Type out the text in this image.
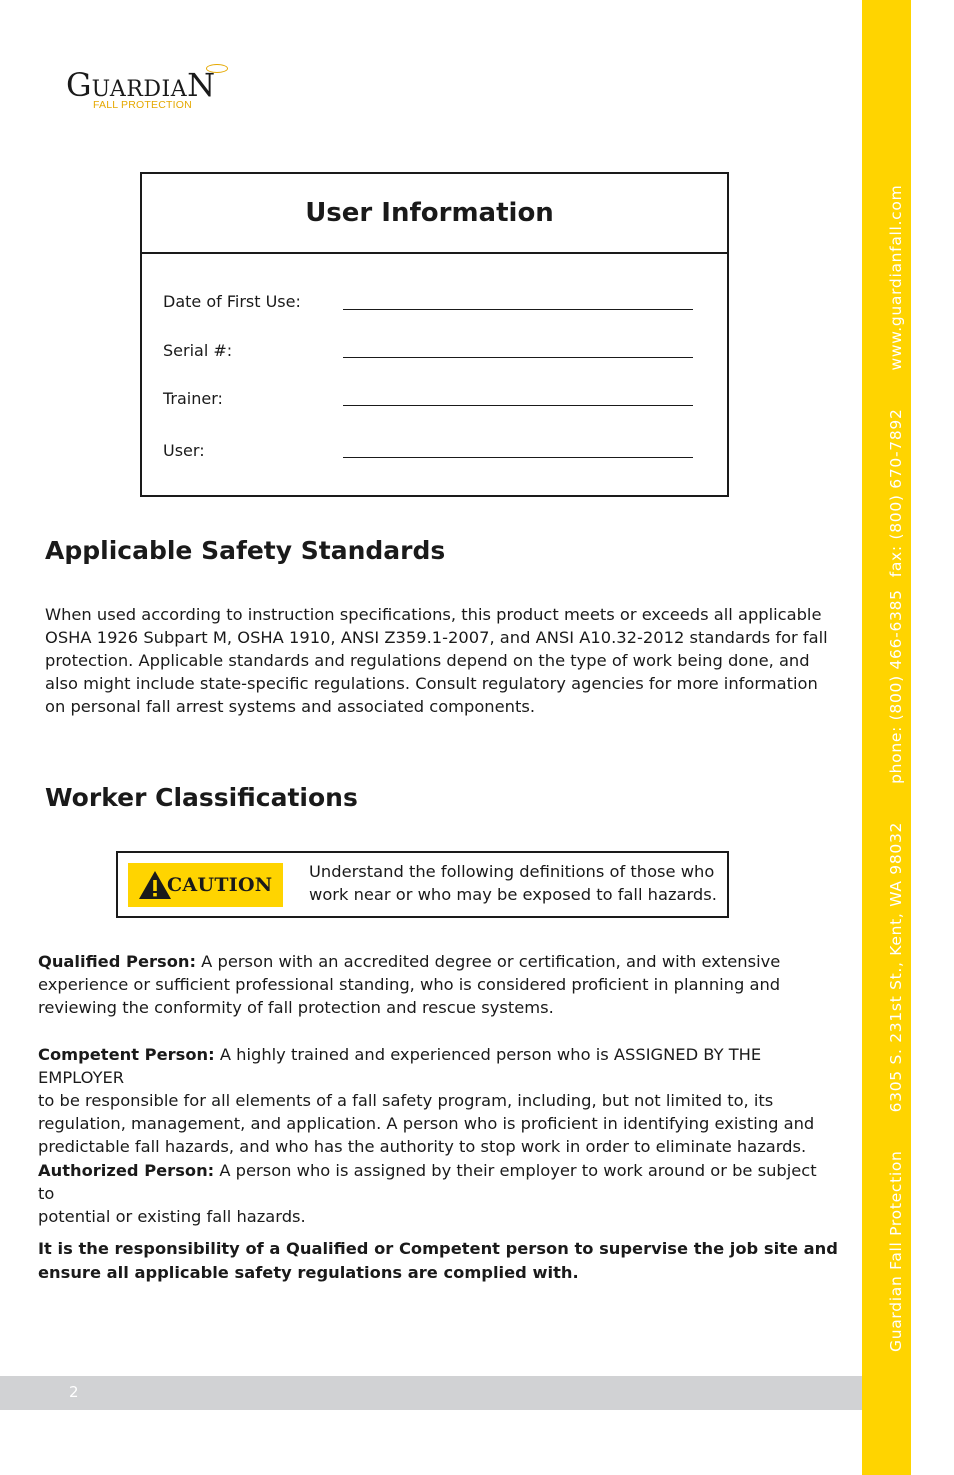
Guardian Fall Protection6305 S. 231st St., Kent, WA 98032phone: (800) 466-6385fax: (800) 670-7892www.guardianfall.com
GUARDIAN
FALL PROTECTION
User Information
Date of First Use:
Serial #:
Trainer:
User:
Applicable Safety Standards

When used according to instruction specifications, this product meets or exceeds all applicable
OSHA 1926 Subpart M, OSHA 1910, ANSI Z359.1-2007, and ANSI A10.32-2012 standards for fall
protection. Applicable standards and regulations depend on the type of work being done, and
also might include state-specific regulations. Consult regulatory agencies for more information
on personal fall arrest systems and associated components.

Worker Classifications
CAUTION
Understand the following definitions of those who
work near or who may be exposed to fall hazards.

Qualified Person: A person with an accredited degree or certification, and with extensive
experience or sufficient professional standing, who is considered proficient in planning and
reviewing the conformity of fall protection and rescue systems.

Competent Person: A highly trained and experienced person who is ASSIGNED BY THE EMPLOYER
to be responsible for all elements of a fall safety program, including, but not limited to, its
regulation, management, and application. A person who is proficient in identifying existing and
predictable fall hazards, and who has the authority to stop work in order to eliminate hazards.

Authorized Person: A person who is assigned by their employer to work around or be subject to
potential or existing fall hazards.

It is the responsibility of a Qualified or Competent person to supervise the job site and
ensure all applicable safety regulations are complied with.

2
